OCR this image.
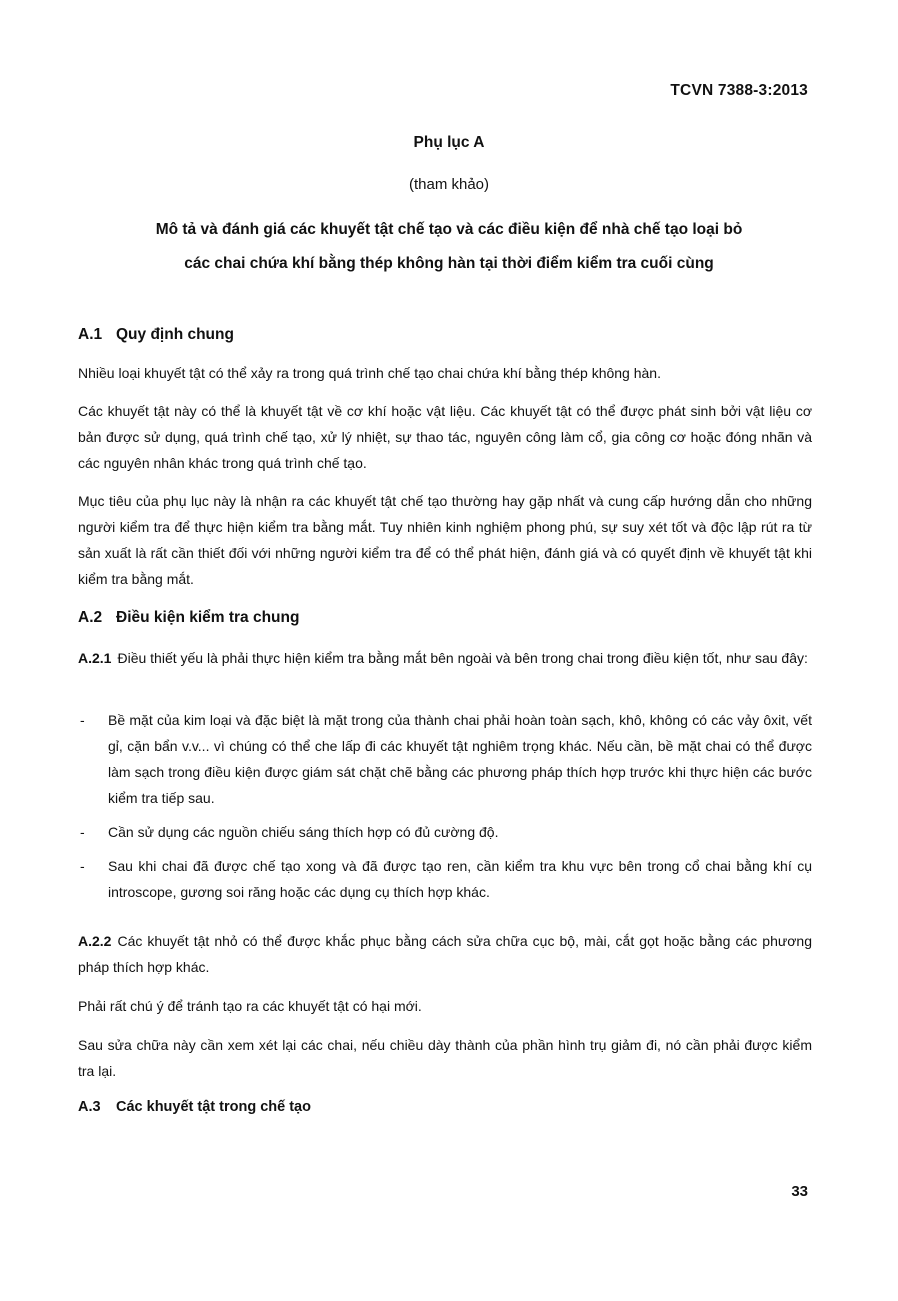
TCVN 7388-3:2013
Phụ lục A
(tham khảo)
Mô tả và đánh giá các khuyết tật chế tạo và các điều kiện để nhà chế tạo loại bỏ
các chai chứa khí bằng thép không hàn tại thời điểm kiểm tra cuối cùng
A.1 Quy định chung

Nhiều loại khuyết tật có thể xảy ra trong quá trình chế tạo chai chứa khí bằng thép không hàn.

Các khuyết tật này có thể là khuyết tật về cơ khí hoặc vật liệu. Các khuyết tật có thể được phát sinh bởi vật liệu cơ bản được sử dụng, quá trình chế tạo, xử lý nhiệt, sự thao tác, nguyên công làm cổ, gia công cơ hoặc đóng nhãn và các nguyên nhân khác trong quá trình chế tạo.

Mục tiêu của phụ lục này là nhận ra các khuyết tật chế tạo thường hay gặp nhất và cung cấp hướng dẫn cho những người kiểm tra để thực hiện kiểm tra bằng mắt. Tuy nhiên kinh nghiệm phong phú, sự suy xét tốt và độc lập rút ra từ sản xuất là rất cần thiết đối với những người kiểm tra để có thể phát hiện, đánh giá và có quyết định về khuyết tật khi kiểm tra bằng mắt.

A.2 Điều kiện kiểm tra chung

A.2.1 Điều thiết yếu là phải thực hiện kiểm tra bằng mắt bên ngoài và bên trong chai trong điều kiện tốt, như sau đây:

- Bề mặt của kim loại và đặc biệt là mặt trong của thành chai phải hoàn toàn sạch, khô, không có các vảy ôxit, vết gỉ, cặn bẩn v.v... vì chúng có thể che lấp đi các khuyết tật nghiêm trọng khác. Nếu cần, bề mặt chai có thể được làm sạch trong điều kiện được giám sát chặt chẽ bằng các phương pháp thích hợp trước khi thực hiện các bước kiểm tra tiếp sau.
- Cần sử dụng các nguồn chiếu sáng thích hợp có đủ cường độ.
- Sau khi chai đã được chế tạo xong và đã được tạo ren, cần kiểm tra khu vực bên trong cổ chai bằng khí cụ introscope, gương soi răng hoặc các dụng cụ thích hợp khác.

A.2.2 Các khuyết tật nhỏ có thể được khắc phục bằng cách sửa chữa cục bộ, mài, cắt gọt hoặc bằng các phương pháp thích hợp khác.

Phải rất chú ý để tránh tạo ra các khuyết tật có hại mới.

Sau sửa chữa này cần xem xét lại các chai, nếu chiều dày thành của phần hình trụ giảm đi, nó cần phải được kiểm tra lại.

A.3 Các khuyết tật trong chế tạo
33
